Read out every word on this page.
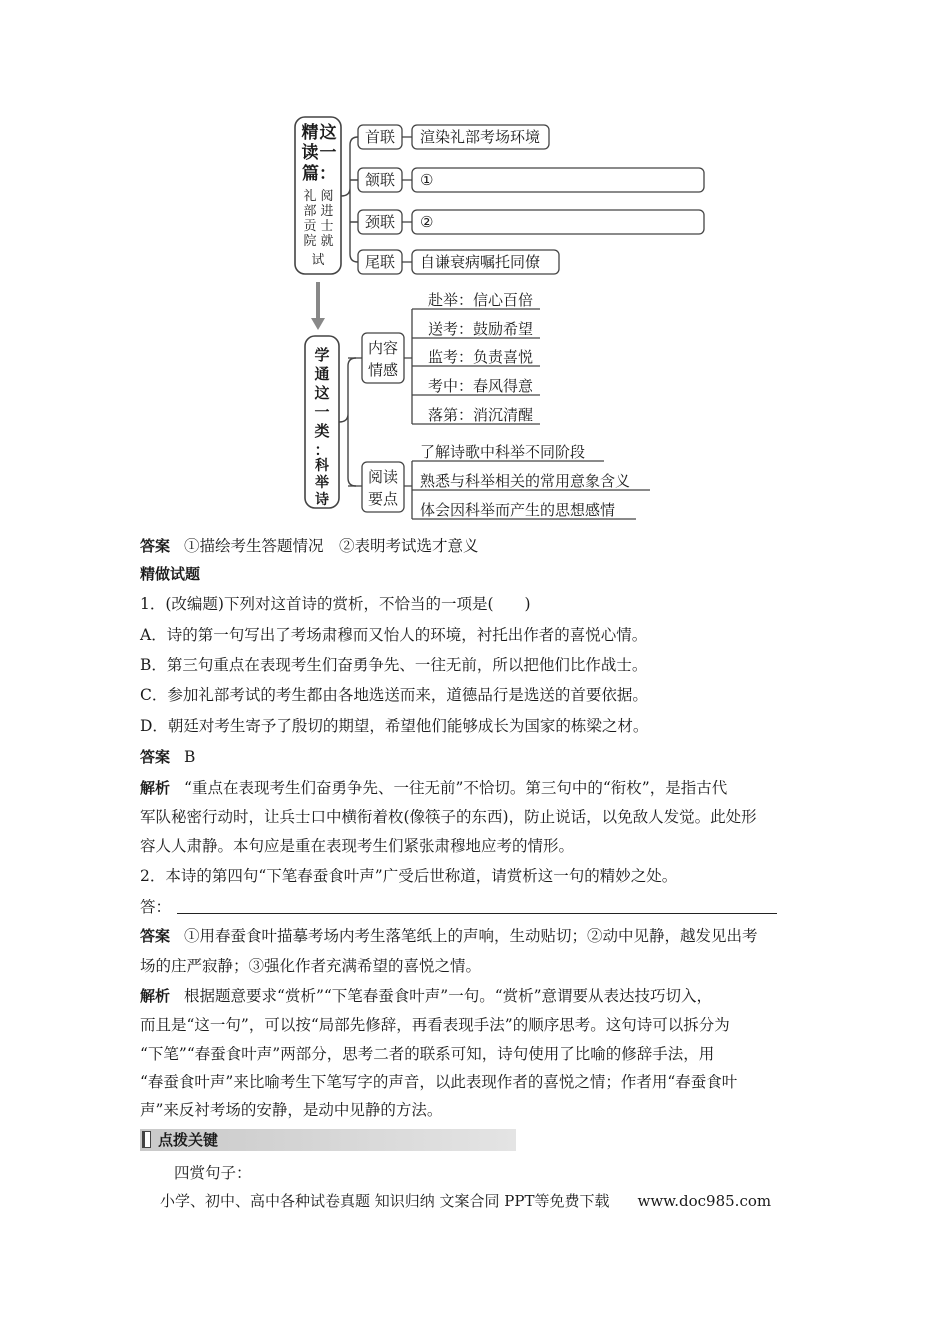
精读这一篇：
礼部贡院阅进士就试
首联 渲染礼部考场环境
颔联 ①
颈联 ②
尾联 自谦衰病嘱托同僚
学通这一类：
科举诗
内容
情感
赴举：信心百倍
送考：鼓励希望
监考：负责喜悦
考中：春风得意
落第：消沉清醒
阅读
要点
了解诗歌中科举不同阶段
熟悉与科举相关的常用意象含义
体会因科举而产生的思想感情
答案 ①描绘考生答题情况　②表明考试选才意义
精做试题
1．(改编题)下列对这首诗的赏析，不恰当的一项是(　　)
A．诗的第一句写出了考场肃穆而又怡人的环境，衬托出作者的喜悦心情。
B．第三句重点在表现考生们奋勇争先、一往无前，所以把他们比作战士。
C．参加礼部考试的考生都由各地选送而来，道德品行是选送的首要依据。
D．朝廷对考生寄予了殷切的期望，希望他们能够成长为国家的栋梁之材。
答案 B
解析 “重点在表现考生们奋勇争先、一往无前”不恰切。第三句中的“衔枚”，是指古代
军队秘密行动时，让兵士口中横衔着枚(像筷子的东西)，防止说话，以免敌人发觉。此处形
容人人肃静。本句应是重在表现考生们紧张肃穆地应考的情形。
2．本诗的第四句“下笔春蚕食叶声”广受后世称道，请赏析这一句的精妙之处。
答：
答案 ①用春蚕食叶描摹考场内考生落笔纸上的声响，生动贴切；②动中见静，越发见出考
场的庄严寂静；③强化作者充满希望的喜悦之情。
解析 根据题意要求“赏析”“下笔春蚕食叶声”一句。“赏析”意谓要从表达技巧切入，
而且是“这一句”，可以按“局部先修辞，再看表现手法”的顺序思考。这句诗可以拆分为
“下笔”“春蚕食叶声”两部分，思考二者的联系可知，诗句使用了比喻的修辞手法，用
“春蚕食叶声”来比喻考生下笔写字的声音，以此表现作者的喜悦之情；作者用“春蚕食叶
声”来反衬考场的安静，是动中见静的方法。
点拨关键
四赏句子：
小学、初中、高中各种试卷真题 知识归纳 文案合同 PPT等免费下载 www.doc985.com
